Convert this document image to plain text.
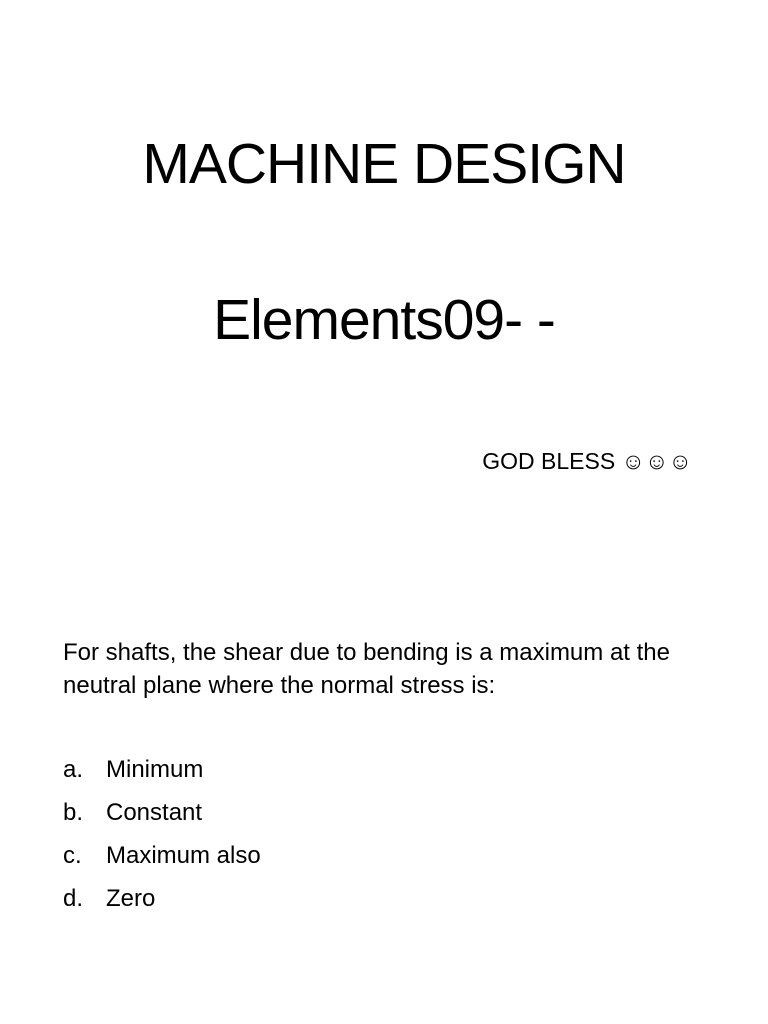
MACHINE DESIGN
Elements09- -
GOD BLESS ☺☺☺
For shafts, the shear due to bending is a maximum at the neutral plane where the normal stress is:
a. Minimum
b. Constant
c. Maximum also
d. Zero
